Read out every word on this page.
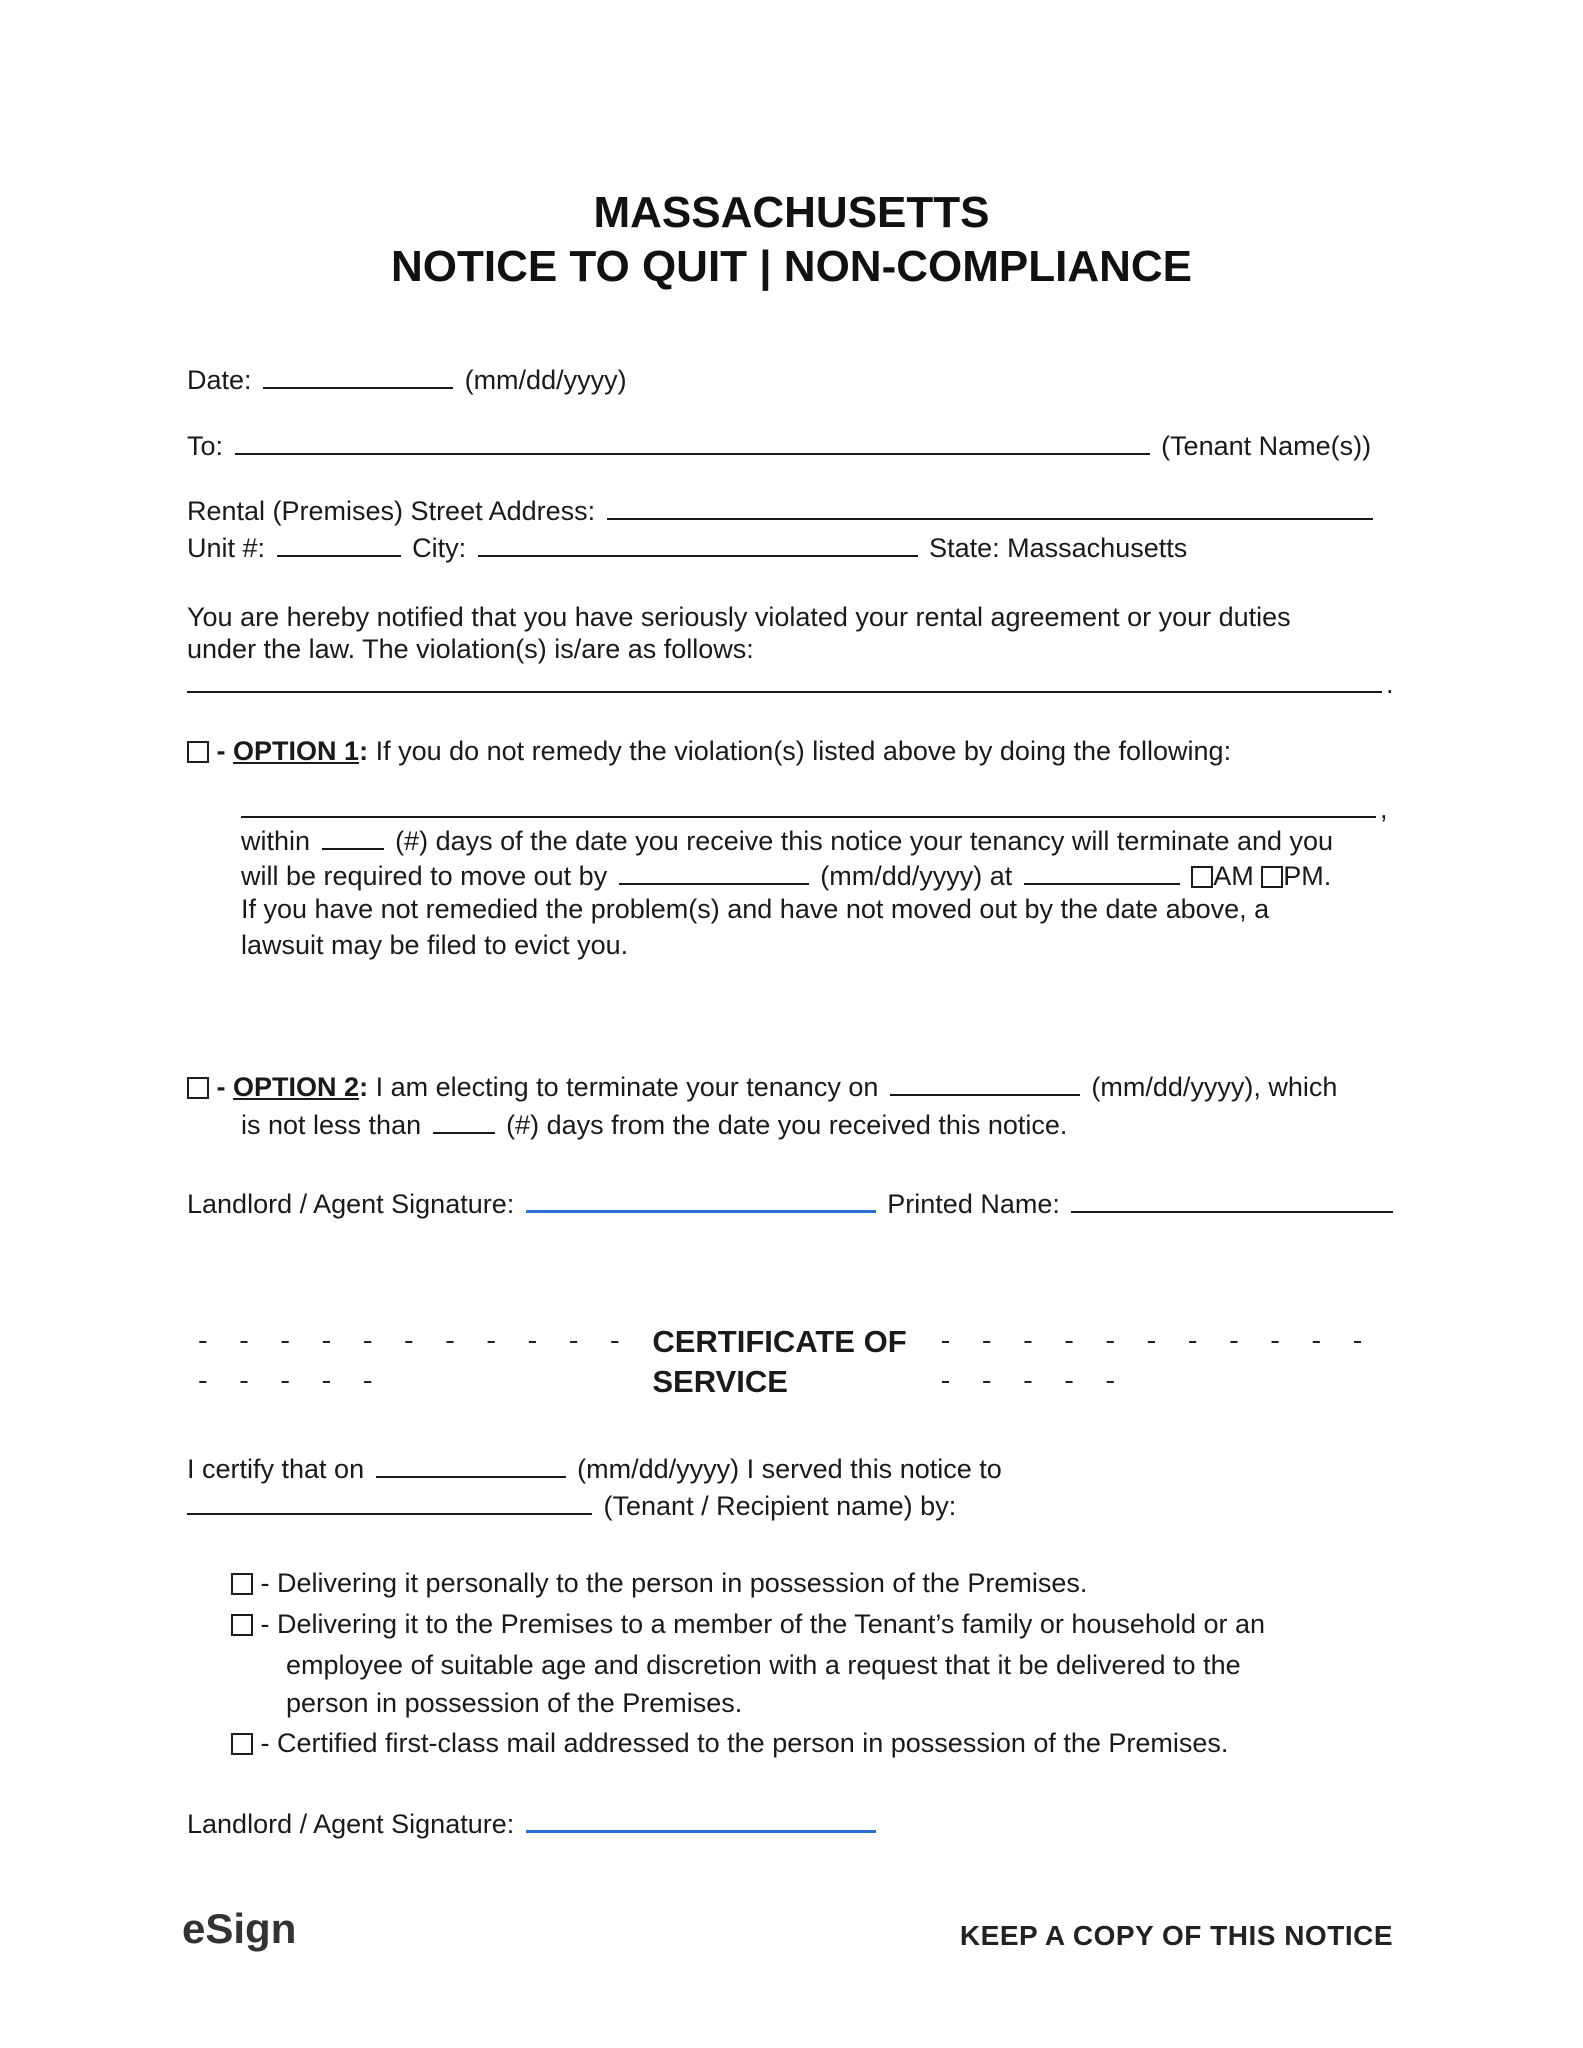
MASSACHUSETTS
NOTICE TO QUIT | NON-COMPLIANCE
Date:	(mm/dd/yyyy)
To:	(Tenant Name(s))
Rental (Premises) Street Address:
Unit #:	City:	State: Massachusetts
You are hereby notified that you have seriously violated your rental agreement or your duties
under the law. The violation(s) is/are as follows:
.
- OPTION 1: If you do not remedy the violation(s) listed above by doing the following:
,
within	(#) days of the date you receive this notice your tenancy will terminate and you
will be required to move out by	(mm/dd/yyyy) at	AM PM.
If you have not remedied the problem(s) and have not moved out by the date above, a
lawsuit may be filed to evict you.
- OPTION 2: I am electing to terminate your tenancy on	(mm/dd/yyyy), which
is not less than	(#) days from the date you received this notice.
Landlord / Agent Signature:	Printed Name:
- - - - - - - - - - - - - - - -
CERTIFICATE OF SERVICE
- - - - - - - - - - - - - - - -
I certify that on	(mm/dd/yyyy) I served this notice to
(Tenant / Recipient name) by:
- Delivering it personally to the person in possession of the Premises.
- Delivering it to the Premises to a member of the Tenant’s family or household or an
employee of suitable age and discretion with a request that it be delivered to the
person in possession of the Premises.
- Certified first-class mail addressed to the person in possession of the Premises.
Landlord / Agent Signature:
eSign	KEEP A COPY OF THIS NOTICE
